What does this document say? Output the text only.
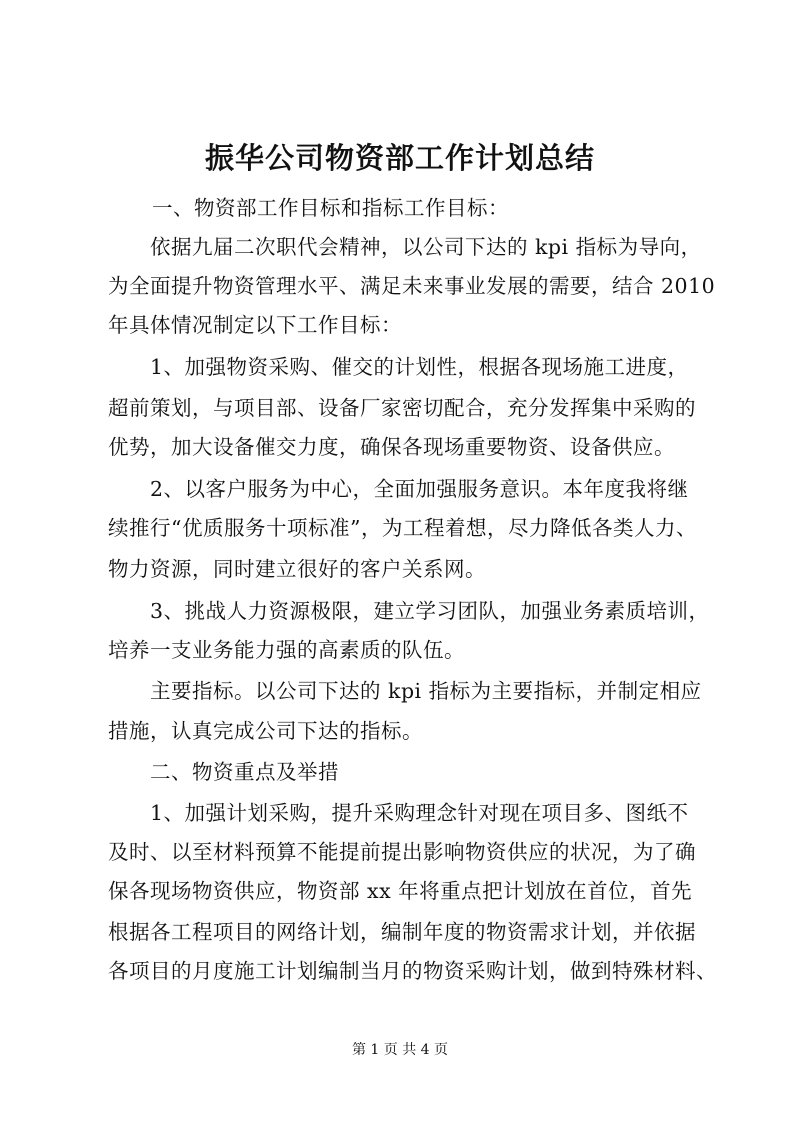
振华公司物资部工作计划总结
一、物资部工作目标和指标工作目标：
依据九届二次职代会精神，以公司下达的 kpi 指标为导向，
为全面提升物资管理水平、满足未来事业发展的需要，结合 2010
年具体情况制定以下工作目标：
1、加强物资采购、催交的计划性，根据各现场施工进度，
超前策划，与项目部、设备厂家密切配合，充分发挥集中采购的
优势，加大设备催交力度，确保各现场重要物资、设备供应。
2、以客户服务为中心，全面加强服务意识。本年度我将继
续推行“优质服务十项标准”，为工程着想，尽力降低各类人力、
物力资源，同时建立很好的客户关系网。
3、挑战人力资源极限，建立学习团队，加强业务素质培训，
培养一支业务能力强的高素质的队伍。
主要指标。以公司下达的 kpi 指标为主要指标，并制定相应
措施，认真完成公司下达的指标。
二、物资重点及举措
1、加强计划采购，提升采购理念针对现在项目多、图纸不
及时、以至材料预算不能提前提出影响物资供应的状况，为了确
保各现场物资供应，物资部 xx 年将重点把计划放在首位，首先
根据各工程项目的网络计划，编制年度的物资需求计划，并依据
各项目的月度施工计划编制当月的物资采购计划，做到特殊材料、
第 1 页 共 4 页
